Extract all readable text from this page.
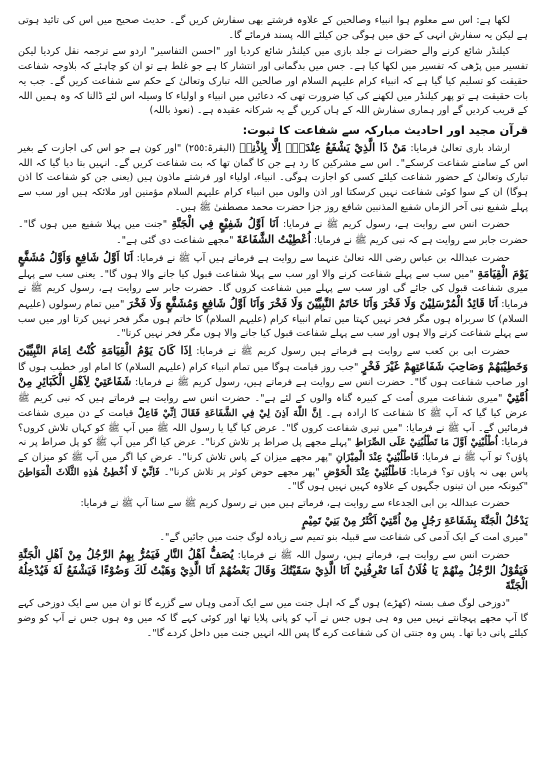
لکھا ہے: اس سے معلوم ہوا انبیاء وصالحین کے علاوہ فرشتے بھی سفارش کریں گے۔ حدیث صحیح میں اس کی تائید ہوتی ہے لیکن یہ سفارش انہی کے حق میں ہوگی جن کیلئے اللہ پسند فرمائے گا۔

کیلنڈر شائع کرنے والے حضرات نے جلد بازی میں کیلنڈر شائع کردیا اور "احسن التفاسیر" اردو سے ترجمہ نقل کردیا لیکن تفسیر میں پڑھی کہ تفسیر میں لکھا کیا ہے۔ جس میں بدگمانی اور انتشار کا ہے جو غلط ہے تو ان کو چاہئے کہ بلاوجہ شفاعت حقیقت کو تسلیم کیا گیا ہے کہ انبیاء کرام علیہم السلام اور صالحین اللہ تبارک وتعالیٰ کے حکم سے شفاعت کریں گے۔ جب یہ بات حقیقت ہے تو پھر کیلنڈر میں لکھنے کی کیا ضرورت تھی کہ دعائیں میں انبیاء و اولیاء کا وسیلہ اس لئے ڈالنا کہ وہ ہمیں اللہ کے قریب کردیں گے اور ہماری سفارش اللہ کے ہاں کریں گے یہ شرکانہ عقیدہ ہے۔ (نعوذ باللہ)

قرآن مجید اور احادیث مبارکہ سے شفاعت کا ثبوت:

ارشاد باری تعالیٰ فرمایا: مَنْ ذَا الَّذِيْ يَشْفَعُ عِنْدَهٗۤ اِلَّا بِاِذْنِهٖ (البقرۃ:٢٥٥) "اور کون ہے جو اس کی اجازت کے بغیر اس کے سامنے شفاعت کرسکے"۔ اس سے مشرکین کا رد ہے جن کا گمان تھا کہ بت شفاعت کریں گے۔ انہیں بتا دیا گیا کہ اللہ تبارک وتعالیٰ کے حضور شفاعت کیلئے کسی کو اجازت ہوگی۔ انبیاء، اولیاء اور فرشتے ماذون ہیں (یعنی جن کو شفاعت کا اذن ہوگا) ان کے سوا کوئی شفاعت نہیں کرسکتا اور اذن والوں میں انبیاء کرام علیہم السلام مؤمنین اور ملائکہ ہیں اور سب سے پہلے شفیع نبی آخر الزماں شفیع المذنبین شافع روز جزا حضرت محمد مصطفیٰ ﷺ ہیں۔

حضرت انس سے روایت ہے، رسول کریم ﷺ نے فرمایا: اَنَا اَوَّلُ شَفِيْعٍ فِي الْجَنَّةِ "جنت میں پہلا شفیع میں ہوں گا"۔ حضرت جابر سے روایت ہے کہ نبی کریم ﷺ نے فرمایا: اُعْطِيْتُ الشَّفَاعَةَ "مجھے شفاعت دی گئی ہے"۔

حضرت عبداللہ بن عباس رضی اللہ تعالیٰ عنہما سے روایت ہے فرماتے ہیں آپ ﷺ نے فرمایا: اَنَا اَوَّلُ شَافِعٍ وَاَوَّلُ مُشَفَّعٍ يَوْمَ الْقِيَامَةِ "میں سب سے پہلے شفاعت کرنے والا اور سب سے پہلا شفاعت قبول کیا جانے والا ہوں گا"۔ یعنی سب سے پہلے میری شفاعت قبول کی جائے گی اور سب سے پہلے میں شفاعت کروں گا۔ حضرت جابر سے روایت ہے، رسول کریم ﷺ نے فرمایا: اَنَا قَائِدُ الْمُرْسَلِيْنَ وَلَا فَخْرَ وَاَنَا خَاتَمُ النَّبِيِّيْنَ وَلَا فَخْرَ وَاَنَا اَوَّلُ شَافِعٍ وَمُشَفَّعٍ وَلَا فَخْرَ "میں تمام رسولوں (علیہم السلام) کا سربراہ ہوں مگر فخر نہیں کہتا میں تمام انبیاء کرام (علیہم السلام) کا خاتم ہوں مگر فخر نہیں کرتا اور میں سب سے پہلے شفاعت کرنے والا ہوں اور سب سے پہلے شفاعت قبول کیا جانے والا ہوں مگر فخر نہیں کرتا"۔

حضرت ابی بن کعب سے روایت ہے فرماتے ہیں رسول کریم ﷺ نے فرمایا: اِذَا كَانَ يَوْمُ الْقِيَامَةِ كُنْتُ اِمَامَ النَّبِيِّيْنَ وَخَطِيْبَهُمْ وَصَاحِبَ شَفَاعَتِهِمْ غَيْرَ فَخْرٍ "جب روز قیامت ہوگا میں تمام انبیاء کرام (علیہم السلام) کا امام اور خطیب ہوں گا اور صاحب شفاعت ہوں گا"۔ حضرت انس سے روایت ہے فرماتے ہیں، رسول کریم ﷺ نے فرمایا: شَفَاعَتِيْ لِاَهْلِ الْكَبَائِرِ مِنْ اُمَّتِيْ "میری شفاعت میری اُمت کے کبیرہ گناہ والوں کے لئے ہے"۔ حضرت انس سے روایت ہے فرماتے ہیں کہ نبی کریم ﷺ عرض کیا گیا کہ آپ ﷺ کا شفاعت کا ارادہ ہے۔ اِنَّ اللّٰهَ اَذِنَ لِيْ فِي الشَّفَاعَةِ فَقَالَ اِنِّيْ فَاعِلٌ قیامت کے دن میری شفاعت فرمائیں گے۔ آپ ﷺ نے فرمایا: "میں تیری شفاعت کروں گا"۔ عرض کیا گیا یا رسول اللہ ﷺ میں آپ ﷺ کو کہاں تلاش کروں؟ فرمایا: اُطْلُبْنِيْ اَوَّلَ مَا تَطْلُبُنِيْ عَلَى الصِّرَاطِ "پہلے مجھے پل صراط پر تلاش کرنا"۔ عرض کیا اگر میں آپ ﷺ کو پل صراط پر نہ پاؤں؟ تو آپ ﷺ نے فرمایا: فَاطْلُبْنِيْ عِنْدَ الْمِيْزَانِ "پھر مجھے میزان کے پاس تلاش کرنا"۔ عرض کیا اگر میں آپ ﷺ کو میزان کے پاس بھی نہ پاؤں تو؟ فرمایا: فَاطْلُبْنِيْ عِنْدَ الْحَوْضِ "پھر مجھے حوض کوثر پر تلاش کرنا"۔ فَاِنِّيْ لَا اُخْطِئُ هٰذِهِ الثَّلَاثَ الْمَوَاطِنَ "کیونکہ میں ان تینوں جگہوں کے علاوہ کہیں نہیں ہوں گا"۔

حضرت عبداللہ بن ابی الجدعاء سے روایت ہے، فرماتے ہیں میں نے رسول کریم ﷺ سے سنا آپ ﷺ نے فرمایا:

يَدْخُلُ الْجَنَّةَ بِشَفَاعَةِ رَجُلٍ مِنْ اُمَّتِيْ اَكْثَرُ مِنْ بَنِيْ تَمِيْمٍ

"میری امت کے ایک آدمی کی شفاعت سے قبیلہ بنو تمیم سے زیادہ لوگ جنت میں جائیں گے"۔

حضرت انس سے روایت ہے، فرماتے ہیں، رسول اللہ ﷺ نے فرمایا: يُصَفُّ اَهْلُ النَّارِ فَيَمُرُّ بِهِمُ الرَّجُلُ مِنْ اَهْلِ الْجَنَّةِ فَيَقُوْلُ الرَّجُلُ مِنْهُمْ يَا فُلَانُ اَمَا تَعْرِفُنِيْ اَنَا الَّذِيْ سَقَيْتُكَ وَقَالَ بَعْضُهُمْ اَنَا الَّذِيْ وَهَبْتُ لَكَ وَضُوْءًا فَيَشْفَعُ لَهٗ فَيُدْخِلُهُ الْجَنَّةَ

"دوزخی لوگ صف بستہ (کھڑے) ہوں گے کہ اہل جنت میں سے ایک آدمی وہاں سے گزرے گا تو ان میں سے ایک دوزخی کہے گا آپ مجھے پہچانتے نہیں میں وہ ہی ہوں جس نے آپ کو پانی پلایا تھا اور کوئی کہے گا کہ میں وہ ہوں جس نے آپ کو وضو کیلئے پانی دیا تھا۔ پس وہ جنتی ان کی شفاعت کرے گا پس اللہ انہیں جنت میں داخل کردے گا"۔
